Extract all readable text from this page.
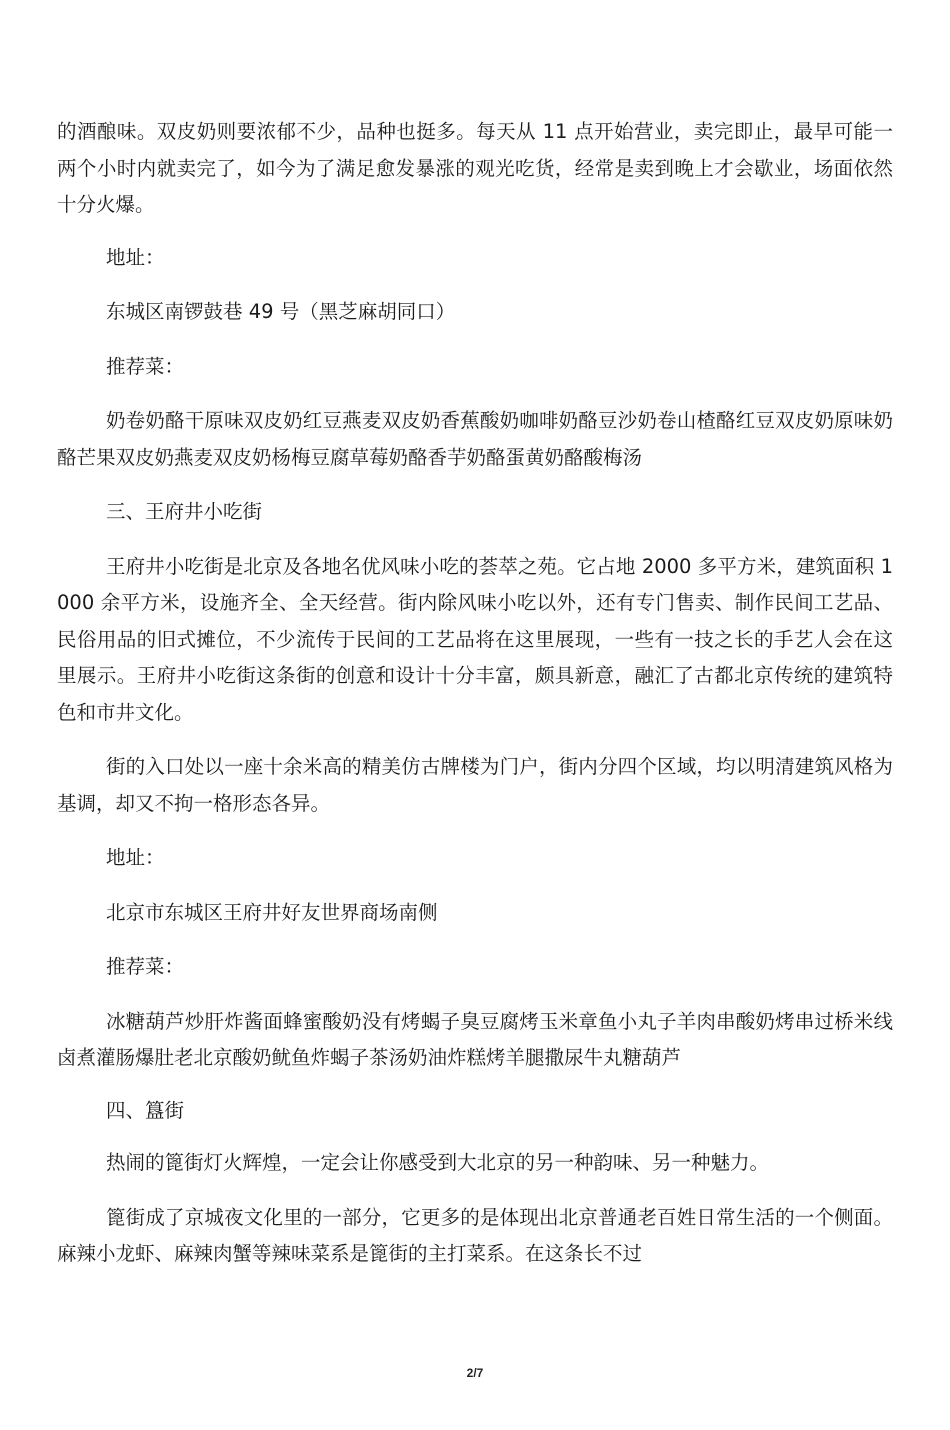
的酒酿味。双皮奶则要浓郁不少，品种也挺多。每天从 11 点开始营业，卖完即止，最早可能一两个小时内就卖完了，如今为了满足愈发暴涨的观光吃货，经常是卖到晚上才会歇业，场面依然十分火爆。

地址：

东城区南锣鼓巷 49 号（黑芝麻胡同口）

推荐菜：

奶卷奶酪干原味双皮奶红豆燕麦双皮奶香蕉酸奶咖啡奶酪豆沙奶卷山楂酪红豆双皮奶原味奶酪芒果双皮奶燕麦双皮奶杨梅豆腐草莓奶酪香芋奶酪蛋黄奶酪酸梅汤

三、王府井小吃街

王府井小吃街是北京及各地名优风味小吃的荟萃之苑。它占地 2000 多平方米，建筑面积 1000 余平方米，设施齐全、全天经营。街内除风味小吃以外，还有专门售卖、制作民间工艺品、民俗用品的旧式摊位，不少流传于民间的工艺品将在这里展现，一些有一技之长的手艺人会在这里展示。王府井小吃街这条街的创意和设计十分丰富，颇具新意，融汇了古都北京传统的建筑特色和市井文化。

街的入口处以一座十余米高的精美仿古牌楼为门户，街内分四个区域，均以明清建筑风格为基调，却又不拘一格形态各异。

地址：

北京市东城区王府井好友世界商场南侧

推荐菜：

冰糖葫芦炒肝炸酱面蜂蜜酸奶没有烤蝎子臭豆腐烤玉米章鱼小丸子羊肉串酸奶烤串过桥米线卤煮灌肠爆肚老北京酸奶鱿鱼炸蝎子茶汤奶油炸糕烤羊腿撒尿牛丸糖葫芦

四、簋街

热闹的篦街灯火辉煌，一定会让你感受到大北京的另一种韵味、另一种魅力。

篦街成了京城夜文化里的一部分，它更多的是体现出北京普通老百姓日常生活的一个侧面。麻辣小龙虾、麻辣肉蟹等辣味菜系是篦街的主打菜系。在这条长不过

2/7
